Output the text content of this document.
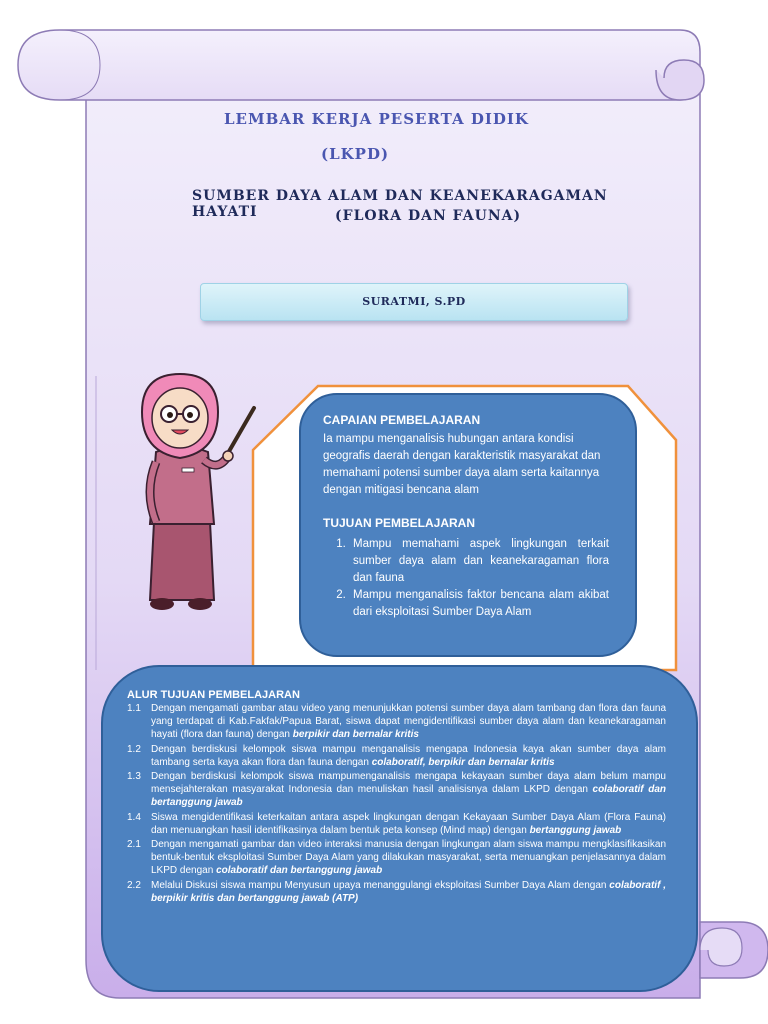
LEMBAR KERJA PESERTA DIDIK
(LKPD)
SUMBER DAYA ALAM DAN KEANEKARAGAMAN HAYATI	(FLORA DAN FAUNA)
SURATMI, S.PD

CAPAIAN PEMBELAJARAN

Ia mampu menganalisis hubungan antara kondisi geografis daerah dengan karakteristik masyarakat dan memahami potensi sumber daya alam serta kaitannya dengan mitigasi bencana alam

TUJUAN PEMBELAJARAN

1. Mampu memahami aspek lingkungan terkait sumber daya alam dan keanekaragaman flora dan fauna
2. Mampu menganalisis faktor bencana alam akibat dari eksploitasi Sumber Daya Alam

ALUR TUJUAN PEMBELAJARAN

1.1 Dengan mengamati gambar atau video yang menunjukkan potensi sumber daya alam tambang dan flora dan fauna yang terdapat di Kab.Fakfak/Papua Barat, siswa dapat mengidentifikasi sumber daya alam dan keanekaragaman hayati (flora dan fauna) dengan berpikir dan bernalar kritis
1.2 Dengan berdiskusi kelompok siswa mampu menganalisis mengapa Indonesia kaya akan sumber daya alam tambang serta kaya akan flora dan fauna dengan colaboratif, berpikir dan bernalar kritis
1.3 Dengan berdiskusi kelompok siswa mampumenganalisis mengapa kekayaan sumber daya alam belum mampu mensejahterakan masyarakat Indonesia dan menuliskan hasil analisisnya dalam LKPD dengan colaboratif dan bertanggung jawab
1.4 Siswa mengidentifikasi keterkaitan antara aspek lingkungan dengan Kekayaan Sumber Daya Alam (Flora Fauna) dan menuangkan hasil identifikasinya dalam bentuk peta konsep (Mind map) dengan bertanggung jawab
2.1 Dengan mengamati gambar dan video interaksi manusia dengan lingkungan alam siswa mampu mengklasifikasikan bentuk-bentuk eksploitasi Sumber Daya Alam yang dilakukan masyarakat, serta menuangkan penjelasannya dalam LKPD dengan colaboratif dan bertanggung jawab
2.2 Melalui Diskusi siswa mampu Menyusun upaya menanggulangi eksploitasi Sumber Daya Alam dengan colaboratif , berpikir kritis dan bertanggung jawab (ATP)
